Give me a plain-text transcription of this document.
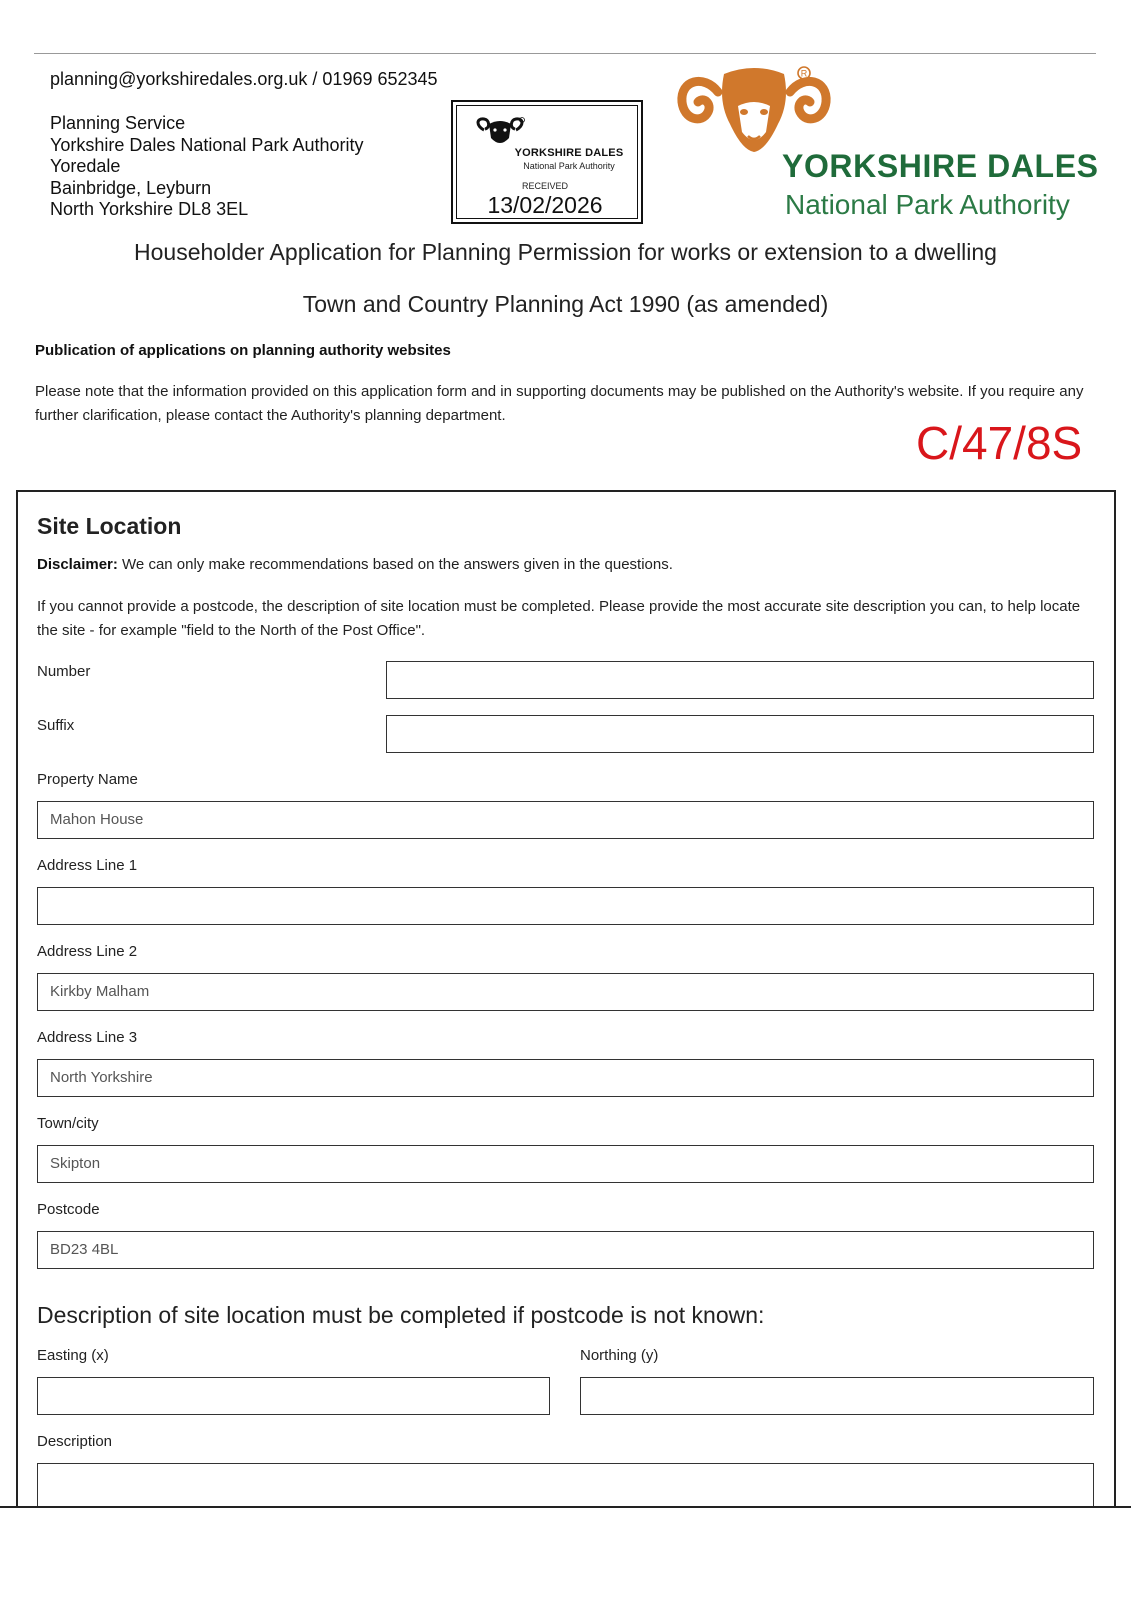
planning@yorkshiredales.org.uk / 01969 652345
Planning Service
Yorkshire Dales National Park Authority
Yoredale
Bainbridge, Leyburn
North Yorkshire DL8 3EL
YORKSHIRE DALES
National Park Authority
RECEIVED
13/02/2026
R
YORKSHIRE DALES
National Park Authority
Householder Application for Planning Permission for works or extension to a dwelling
Town and Country Planning Act 1990 (as amended)
Publication of applications on planning authority websites
Please note that the information provided on this application form and in supporting documents may be published on the Authority's website. If you require any further clarification, please contact the Authority's planning department.
C/47/8S
Site Location
Disclaimer: We can only make recommendations based on the answers given in the questions.
If you cannot provide a postcode, the description of site location must be completed. Please provide the most accurate site description you can, to help locate the site - for example "field to the North of the Post Office".
Number
Suffix
Property Name
Mahon House
Address Line 1
Address Line 2
Kirkby Malham
Address Line 3
North Yorkshire
Town/city
Skipton
Postcode
BD23 4BL
Description of site location must be completed if postcode is not known:
Easting (x)	Northing (y)
Description
